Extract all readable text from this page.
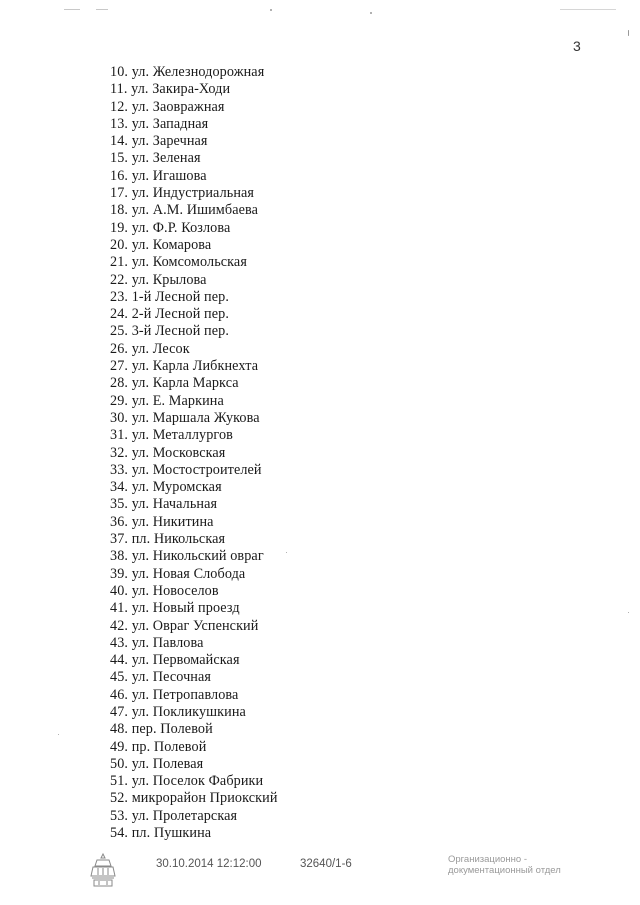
3
10. ул. Железнодорожная
11. ул. Закира-Ходи
12. ул. Заовражная
13. ул. Западная
14. ул. Заречная
15. ул. Зеленая
16. ул. Игашова
17. ул. Индустриальная
18. ул. А.М. Ишимбаева
19. ул. Ф.Р. Козлова
20. ул. Комарова
21. ул. Комсомольская
22. ул. Крылова
23. 1-й Лесной пер.
24. 2-й Лесной пер.
25. 3-й Лесной пер.
26. ул. Лесок
27. ул. Карла Либкнехта
28. ул. Карла Маркса
29. ул. Е. Маркина
30. ул. Маршала Жукова
31. ул. Металлургов
32. ул. Московская
33. ул. Мостостроителей
34. ул. Муромская
35. ул. Начальная
36. ул. Никитина
37. пл. Никольская
38. ул. Никольский овраг
39. ул. Новая Слобода
40. ул. Новоселов
41. ул. Новый проезд
42. ул. Овраг Успенский
43. ул. Павлова
44. ул. Первомайская
45. ул. Песочная
46. ул. Петропавлова
47. ул. Покликушкина
48. пер. Полевой
49. пр. Полевой
50. ул. Полевая
51. ул. Поселок Фабрики
52. микрорайон Приокский
53. ул. Пролетарская
54. пл. Пушкина
30.10.2014 12:12:00	32640/1-6	Организационно -
документационный отдел
